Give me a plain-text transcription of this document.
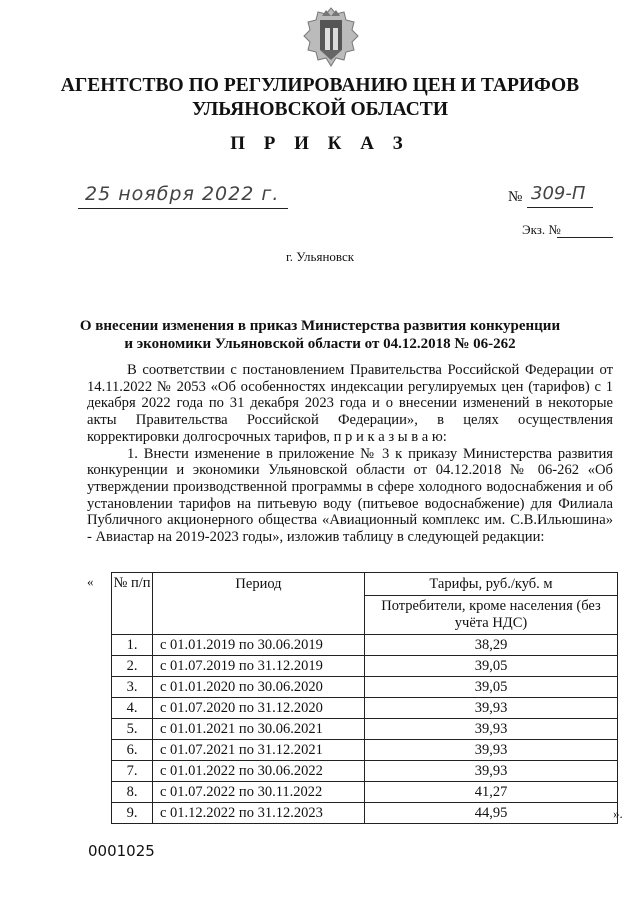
АГЕНТСТВО ПО РЕГУЛИРОВАНИЮ ЦЕН И ТАРИФОВ
УЛЬЯНОВСКОЙ ОБЛАСТИ
П Р И К А З
25 ноября 2022 г.	№ 309-П
Экз. №
г. Ульяновск
О внесении изменения в приказ Министерства развития конкуренции
и экономики Ульяновской области от 04.12.2018 № 06-262

В соответствии с постановлением Правительства Российской Федерации от 14.11.2022 № 2053 «Об особенностях индексации регулируемых цен (тарифов) с 1 декабря 2022 года по 31 декабря 2023 года и о внесении изменений в некоторые акты Правительства Российской Федерации», в целях осуществления корректировки долгосрочных тарифов, п р и к а з ы в а ю:

1. Внести изменение в приложение № 3 к приказу Министерства развития конкуренции и экономики Ульяновской области от 04.12.2018 № 06-262 «Об утверждении производственной программы в сфере холодного водоснабжения и об установлении тарифов на питьевую воду (питьевое водоснабжение) для Филиала Публичного акционерного общества «Авиационный комплекс им. С.В.Ильюшина» - Авиастар на 2019-2023 годы», изложив таблицу в следующей редакции:

« № п/п	Период	Тарифы, руб./куб. м
		Потребители, кроме населения (без учёта НДС)
1.	с 01.01.2019 по 30.06.2019	38,29
2.	с 01.07.2019 по 31.12.2019	39,05
3.	с 01.01.2020 по 30.06.2020	39,05
4.	с 01.07.2020 по 31.12.2020	39,93
5.	с 01.01.2021 по 30.06.2021	39,93
6.	с 01.07.2021 по 31.12.2021	39,93
7.	с 01.01.2022 по 30.06.2022	39,93
8.	с 01.07.2022 по 30.11.2022	41,27
9.	с 01.12.2022 по 31.12.2023	44,95	».
0001025
